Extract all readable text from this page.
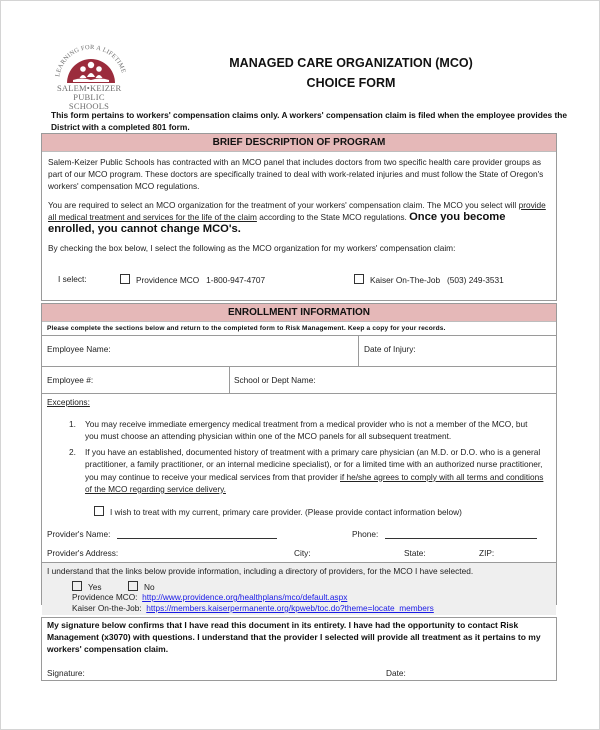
LEARNING FOR A LIFETIME
SALEM•KEIZER
PUBLIC SCHOOLS
MANAGED CARE ORGANIZATION (MCO)
CHOICE FORM
This form pertains to workers' compensation claims only. A workers' compensation claim is filed when the employee provides the District with a completed 801 form.
BRIEF DESCRIPTION OF PROGRAM
Salem-Keizer Public Schools has contracted with an MCO panel that includes doctors from two specific health care provider groups as part of our MCO program. These doctors are specifically trained to deal with work-related injuries and must follow the State of Oregon's workers' compensation MCO regulations.
You are required to select an MCO organization for the treatment of your workers' compensation claim. The MCO you select will provide all medical treatment and services for the life of the claim according to the State MCO regulations. Once you become enrolled, you cannot change MCO's.
By checking the box below, I select the following as the MCO organization for my workers' compensation claim:
I select:	Providence MCO 1-800-947-4707	Kaiser On-The-Job (503) 249-3531
ENROLLMENT INFORMATION
Please complete the sections below and return to the completed form to Risk Management. Keep a copy for your records.
Employee Name:	Date of Injury:
Employee #:	School or Dept Name:
Exceptions:
1.	You may receive immediate emergency medical treatment from a medical provider who is not a member of the MCO, but you must choose an attending physician within one of the MCO panels for all subsequent treatment.
2.	If you have an established, documented history of treatment with a primary care physician (an M.D. or D.O. who is a general practitioner, a family practitioner, or an internal medicine specialist), or for a limited time with an authorized nurse practitioner, you may continue to receive your medical services from that provider if he/she agrees to comply with all terms and conditions of the MCO regarding service delivery.
I wish to treat with my current, primary care provider. (Please provide contact information below)
Provider's Name:	Phone:
Provider's Address:	City:	State:	ZIP:
I understand that the links below provide information, including a directory of providers, for the MCO I have selected.
Yes	No
Providence MCO: http://www.providence.org/healthplans/mco/default.aspx
Kaiser On-the-Job: https://members.kaiserpermanente.org/kpweb/toc.do?theme=locate_members
My signature below confirms that I have read this document in its entirety. I have had the opportunity to contact Risk Management (x3070) with questions. I understand that the provider I selected will provide all treatment as it pertains to my workers' compensation claim.
Signature:	Date:
